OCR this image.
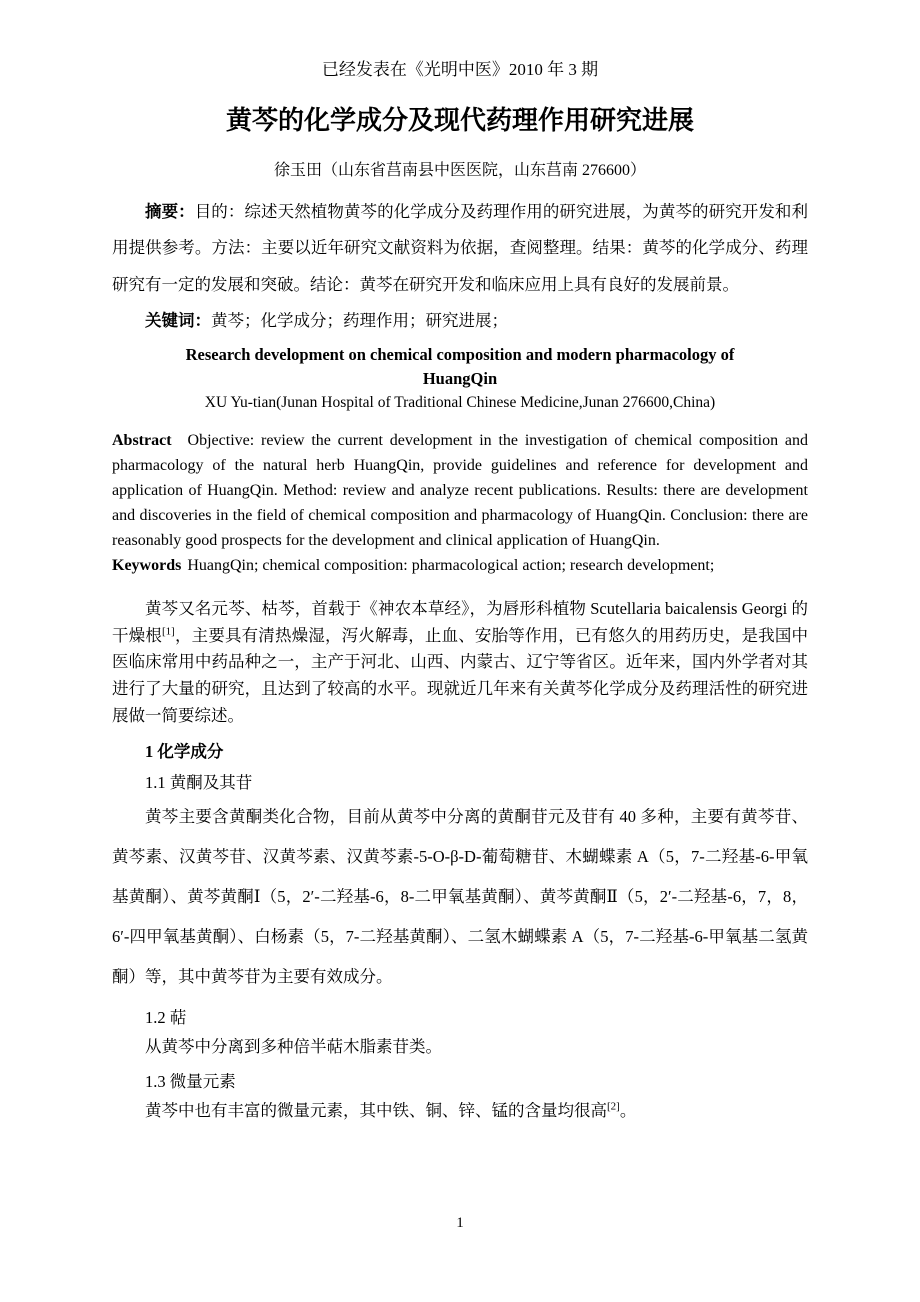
已经发表在《光明中医》2010 年 3 期

黄芩的化学成分及现代药理作用研究进展

徐玉田（山东省莒南县中医医院，山东莒南 276600）

摘要：目的：综述天然植物黄芩的化学成分及药理作用的研究进展，为黄芩的研究开发和利用提供参考。方法：主要以近年研究文献资料为依据，查阅整理。结果：黄芩的化学成分、药理研究有一定的发展和突破。结论：黄芩在研究开发和临床应用上具有良好的发展前景。

关键词：黄芩；化学成分；药理作用；研究进展；

Research development on chemical composition and modern pharmacology of
HuangQin

XU Yu-tian(Junan Hospital of Traditional Chinese Medicine,Junan 276600,China)

Abstract Objective: review the current development in the investigation of chemical composition and pharmacology of the natural herb HuangQin, provide guidelines and reference for development and application of HuangQin. Method: review and analyze recent publications. Results: there are development and discoveries in the field of chemical composition and pharmacology of HuangQin. Conclusion: there are reasonably good prospects for the development and clinical application of HuangQin.

Keywords HuangQin; chemical composition: pharmacological action; research development;

黄芩又名元芩、枯芩，首载于《神农本草经》，为唇形科植物 Scutellaria baicalensis Georgi 的干燥根[1]，主要具有清热燥湿，泻火解毒，止血、安胎等作用，已有悠久的用药历史，是我国中医临床常用中药品种之一，主产于河北、山西、内蒙古、辽宁等省区。近年来，国内外学者对其进行了大量的研究，且达到了较高的水平。现就近几年来有关黄芩化学成分及药理活性的研究进展做一简要综述。

1 化学成分

1.1 黄酮及其苷

黄芩主要含黄酮类化合物，目前从黄芩中分离的黄酮苷元及苷有 40 多种，主要有黄芩苷、黄芩素、汉黄芩苷、汉黄芩素、汉黄芩素-5-O-β-D-葡萄糖苷、木蝴蝶素 A（5，7-二羟基-6-甲氧基黄酮）、黄芩黄酮Ⅰ（5，2′-二羟基-6，8-二甲氧基黄酮）、黄芩黄酮Ⅱ（5，2′-二羟基-6，7，8，6′-四甲氧基黄酮）、白杨素（5，7-二羟基黄酮）、二氢木蝴蝶素 A（5，7-二羟基-6-甲氧基二氢黄酮）等，其中黄芩苷为主要有效成分。

1.2 萜

从黄芩中分离到多种倍半萜木脂素苷类。

1.3 微量元素

黄芩中也有丰富的微量元素，其中铁、铜、锌、锰的含量均很高[2]。

1
